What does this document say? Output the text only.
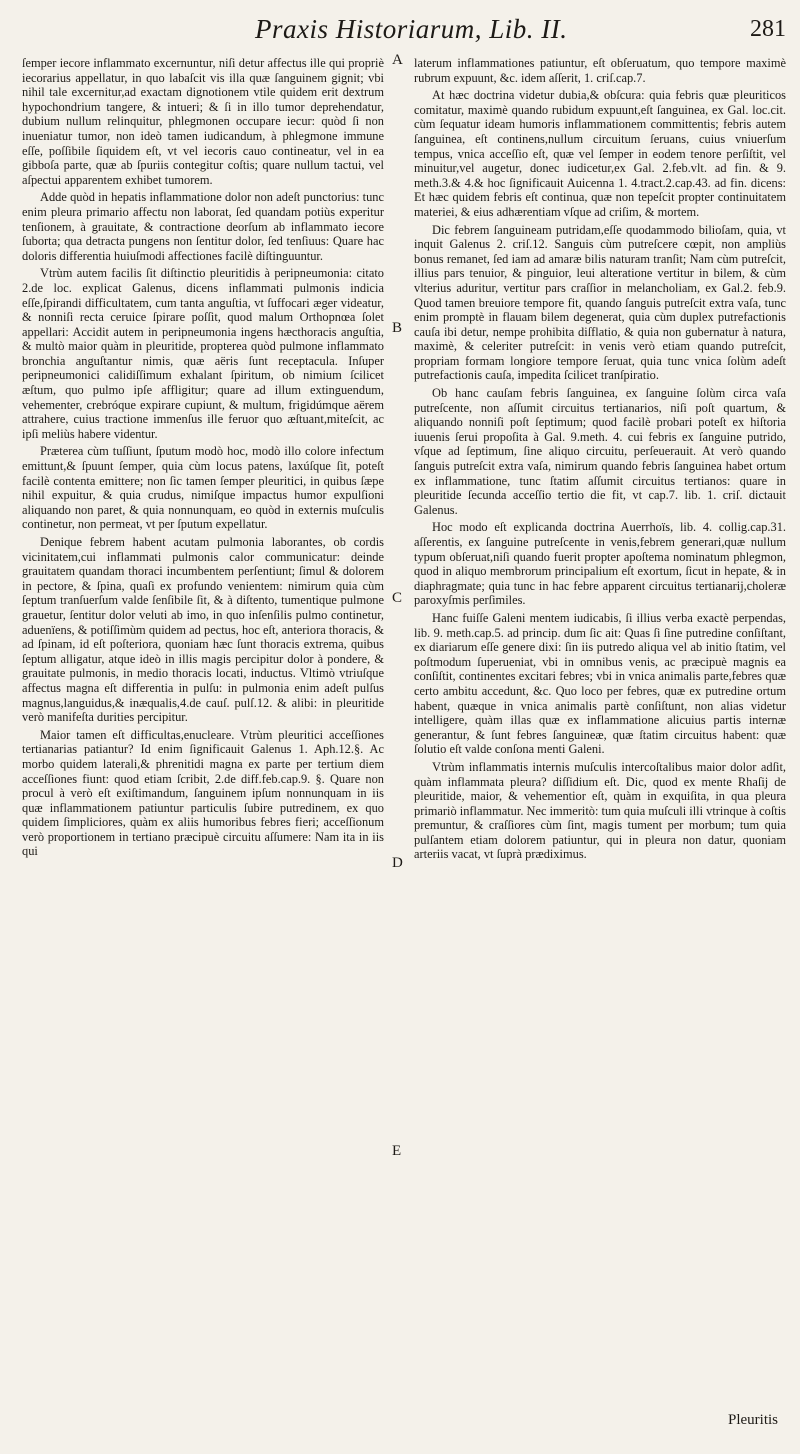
Praxis Historiarum, Lib. II.	281

ſemper iecore inflammato excernuntur, niſi detur affectus ille qui propriè iecorarius appellatur, in quo labaſcit vis illa quæ ſanguinem gignit; vbi nihil tale excernitur,ad exactam dignotionem vtile quidem erit dextrum hypochondrium tangere, & intueri; & ſi in illo tumor deprehendatur, dubium nullum relinquitur, phlegmonen occupare iecur: quòd ſi non inueniatur tumor, non ideò tamen iudicandum, à phlegmone immune eſſe, poſſibile ſiquidem eſt, vt vel iecoris cauo contineatur, vel in ea gibboſa parte, quæ ab ſpuriis contegitur coſtis; quare nullum tactui, vel aſpectui apparentem exhibet tumorem.

Adde quòd in hepatis inflammatione dolor non adeſt punctorius: tunc enim pleura primario affectu non laborat, ſed quandam potiùs experitur tenſionem, à grauitate, & contractione deorſum ab inflammato iecore ſuborta; qua detracta pungens non ſentitur dolor, ſed tenſiuus: Quare hac doloris differentia huiuſmodi affectiones facilè diſtinguuntur.

Vtrùm autem facilis ſit diſtinctio pleuritidis à peripneumonia: citato 2.de loc. explicat Galenus, dicens inflammati pulmonis indicia eſſe,ſpirandi difficultatem, cum tanta anguſtia, vt ſuffocari æger videatur, & nonniſi recta ceruice ſpirare poſſit, quod malum Orthopnœa ſolet appellari: Accidit autem in peripneumonia ingens hæcthoracis anguſtia, & multò maior quàm in pleuritide, propterea quòd pulmone inflammato bronchia anguſtantur nimis, quæ aëris ſunt receptacula. Inſuper peripneumonici calidiſſimum exhalant ſpiritum, ob nimium ſcilicet æſtum, quo pulmo ipſe affligitur; quare ad illum extinguendum, vehementer, crebróque expirare cupiunt, & multum, frigidúmque aërem attrahere, cuius tractione immenſus ille feruor quo æſtuant,miteſcit, ac ipſi meliùs habere videntur.

Præterea cùm tuſſiunt, ſputum modò hoc, modò illo colore infectum emittunt,& ſpuunt ſemper, quia cùm locus patens, laxúſque ſit, poteſt facilè contenta emittere; non ſic tamen ſemper pleuritici, in quibus ſæpe nihil expuitur, & quia crudus, nimiſque impactus humor expulſioni aliquando non paret, & quia nonnunquam, eo quòd in externis muſculis continetur, non permeat, vt per ſputum expellatur.

Denique febrem habent acutam pulmonia laborantes, ob cordis vicinitatem,cui inflammati pulmonis calor communicatur: deinde grauitatem quandam thoraci incumbentem perſentiunt; ſimul & dolorem in pectore, & ſpina, quaſi ex profundo venientem: nimirum quia cùm ſeptum tranſuerſum valde ſenſibile ſit, & à diſtento, tumentique pulmone grauetur, ſentitur dolor veluti ab imo, in quo inſenſilis pulmo continetur, aduenïens, & potiſſimùm quidem ad pectus, hoc eſt, anteriora thoracis, & ad ſpinam, id eſt poſteriora, quoniam hæc ſunt thoracis extrema, quibus ſeptum alligatur, atque ideò in illis magis percipitur dolor à pondere, & grauitate pulmonis, in medio thoracis locati, inductus. Vltimò vtriuſque affectus magna eſt differentia in pulſu: in pulmonia enim adeſt pulſus magnus,languidus,& inæqualis,4.de cauſ. pulſ.12. & alibi: in pleuritide verò manifeſta durities percipitur.

Maior tamen eſt difficultas,enucleare. Vtrùm pleuritici acceſſiones tertianarias patiantur? Id enim ſignificauit Galenus 1. Aph.12.§. Ac morbo quidem laterali,& phrenitidi magna ex parte per tertium diem acceſſiones fiunt: quod etiam ſcribit, 2.de diff.feb.cap.9. §. Quare non procul à verò eſt exiſtimandum, ſanguinem ipſum nonnunquam in iis quæ inflammationem patiuntur particulis ſubire putredinem, ex quo quidem ſimpliciores, quàm ex aliis humoribus febres fieri; acceſſionum verò proportionem in tertiano præcipuè circuitu aſſumere: Nam ita in iis qui

A
B
C
D
E

laterum inflammationes patiuntur, eſt obſeruatum, quo tempore maximè rubrum expuunt, &c. idem aſſerit, 1. criſ.cap.7.

At hæc doctrina videtur dubia,& obſcura: quia febris quæ pleuriticos comitatur, maximè quando rubidum expuunt,eſt ſanguinea, ex Gal. loc.cit. cùm ſequatur ideam humoris inflammationem committentis; febris autem ſanguinea, eſt continens,nullum circuitum ſeruans, cuius vniuerſum tempus, vnica acceſſio eſt, quæ vel ſemper in eodem tenore perſiſtit, vel minuitur,vel augetur, donec iudicetur,ex Gal. 2.feb.vlt. ad fin. & 9. meth.3.& 4.& hoc ſignificauit Auicenna 1. 4.tract.2.cap.43. ad fin. dicens: Et hæc quidem febris eſt continua, quæ non tepeſcit propter continuitatem materiei, & eius adhærentiam vſque ad criſim, & mortem.

Dic febrem ſanguineam putridam,eſſe quodammodo bilioſam, quia, vt inquit Galenus 2. criſ.12. Sanguis cùm putreſcere cœpit, non ampliùs bonus remanet, ſed iam ad amaræ bilis naturam tranſit; Nam cùm putreſcit, illius pars tenuior, & pinguior, leui alteratione vertitur in bilem, & cùm vlterius aduritur, vertitur pars craſſior in melancholiam, ex Gal.2. feb.9. Quod tamen breuiore tempore fit, quando ſanguis putreſcit extra vaſa, tunc enim promptè in flauam bilem degenerat, quia cùm duplex putrefactionis cauſa ibi detur, nempe prohibita diſflatio, & quia non gubernatur à natura, maximè, & celeriter putreſcit: in venis verò etiam quando putreſcit, propriam formam longiore tempore ſeruat, quia tunc vnica ſolùm adeſt putrefactionis cauſa, impedita ſcilicet tranſpiratio.

Ob hanc cauſam febris ſanguinea, ex ſanguine ſolùm circa vaſa putreſcente, non aſſumit circuitus tertianarios, niſi poſt quartum, & aliquando nonniſi poſt ſeptimum; quod facilè probari poteſt ex hiſtoria iuuenis ſerui propoſita à Gal. 9.meth. 4. cui febris ex ſanguine putrido, vſque ad ſeptimum, ſine aliquo circuitu, perſeuerauit. At verò quando ſanguis putreſcit extra vaſa, nimirum quando febris ſanguinea habet ortum ex inflammatione, tunc ſtatim aſſumit circuitus tertianos: quare in pleuritide ſecunda acceſſio tertio die fit, vt cap.7. lib. 1. criſ. dictauit Galenus.

Hoc modo eſt explicanda doctrina Auerrhoïs, lib. 4. collig.cap.31. aſſerentis, ex ſanguine putreſcente in venis,febrem generari,quæ nullum typum obſeruat,niſi quando fuerit propter apoſtema nominatum phlegmon, quod in aliquo membrorum principalium eſt exortum, ſicut in hepate, & in diaphragmate; quia tunc in hac febre apparent circuitus tertianarij,choleræ paroxyſmis perſimiles.

Hanc fuiſſe Galeni mentem iudicabis, ſi illius verba exactè perpendas, lib. 9. meth.cap.5. ad princip. dum ſic ait: Quas ſi ſine putredine conſiſtant, ex diariarum eſſe genere dixi: ſin iis putredo aliqua vel ab initio ſtatim, vel poſtmodum ſuperueniat, vbi in omnibus venis, ac præcipuè magnis ea conſiſtit, continentes excitari febres; vbi in vnica animalis parte,febres quæ certo ambitu accedunt, &c. Quo loco per febres, quæ ex putredine ortum habent, quæque in vnica animalis partè conſiſtunt, non alias videtur intelligere, quàm illas quæ ex inflammatione alicuius partis internæ generantur, & ſunt febres ſanguineæ, quæ ſtatim circuitus habent: quæ ſolutio eſt valde conſona menti Galeni.

Vtrùm inflammatis internis muſculis intercoſtalibus maior dolor adſit, quàm inflammata pleura? diſſidium eſt. Dic, quod ex mente Rhaſij de pleuritide, maior, & vehementior eſt, quàm in exquiſita, in qua pleura primariò inflammatur. Nec immeritò: tum quia muſculi illi vtrinque à coſtis premuntur, & craſſiores cùm ſint, magis tument per morbum; tum quia pulſantem etiam dolorem patiuntur, qui in pleura non datur, quoniam arteriis vacat, vt ſuprà prædiximus.

Pleuritis
